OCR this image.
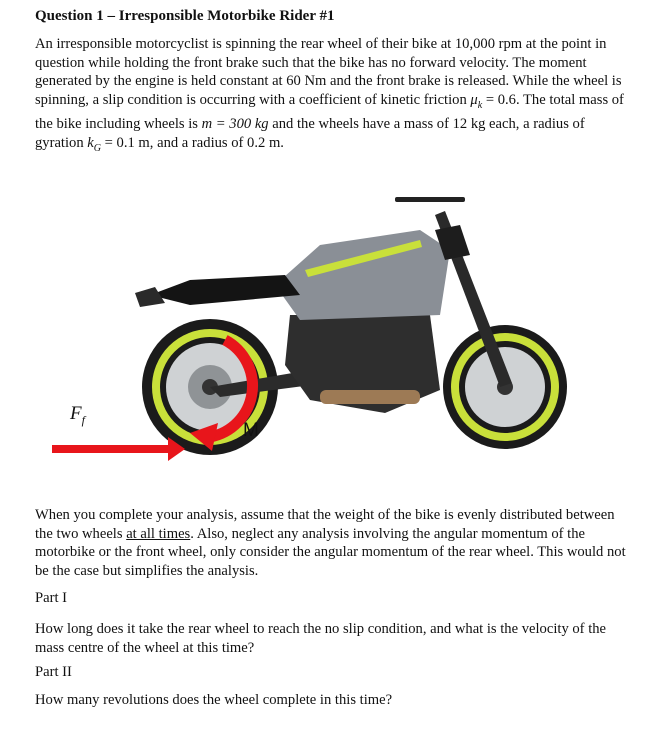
Question 1 – Irresponsible Motorbike Rider #1
An irresponsible motorcyclist is spinning the rear wheel of their bike at 10,000 rpm at the point in question while holding the front brake such that the bike has no forward velocity. The moment generated by the engine is held constant at 60 Nm and the front brake is released. While the wheel is spinning, a slip condition is occurring with a coefficient of kinetic friction $\mu_k = 0.6$. The total mass of the bike including wheels is m = 300 kg and the wheels have a mass of 12 kg each, a radius of gyration $k_G = 0.1$ m, and a radius of 0.2 m.
$F_f$
M
When you complete your analysis, assume that the weight of the bike is evenly distributed between the two wheels at all times. Also, neglect any analysis involving the angular momentum of the motorbike or the front wheel, only consider the angular momentum of the rear wheel. This would not be the case but simplifies the analysis.
Part I
How long does it take the rear wheel to reach the no slip condition, and what is the velocity of the mass centre of the wheel at this time?
Part II
How many revolutions does the wheel complete in this time?
